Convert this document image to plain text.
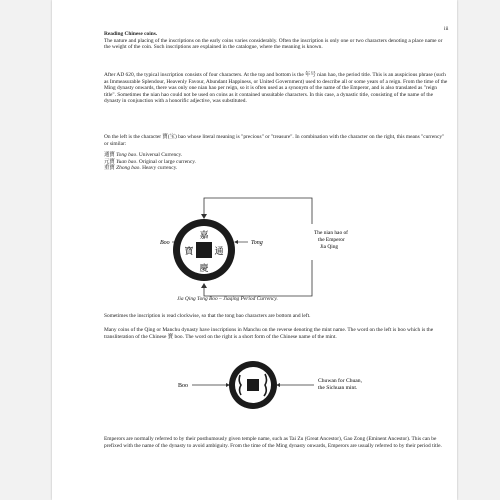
iii

Reading Chinese coins.

The nature and placing of the inscriptions on the early coins varies considerably. Often the inscription is only one or two characters denoting a place name or the weight of the coin. Such inscriptions are explained in the catalogue, where the meaning is known.

After AD 620, the typical inscription consists of four characters. At the top and bottom is the 年号 nian hao, the period title. This is an auspicious phrase (such as Immeasurable Splendour, Heavenly Favour, Abundant Happiness, or United Government) used to describe all or some years of a reign. From the time of the Ming dynasty onwards, there was only one nian hao per reign, so it is often used as a synonym of the name of the Emperor, and is also translated as "reign title". Sometimes the nian hao could not be used on coins as it contained unsuitable characters. In this case, a dynastic title, consisting of the name of the dynasty in conjunction with a honorific adjective, was substituted.
On the left is the character 寶(宝) bao whose literal meaning is "precious" or "treasure". In combination with the character on the right, this means "currency" or similar:
通寶 Tong bao. Universal Currency.
元寶 Yuan bao. Original or large currency.
重寶 Zhong bao. Heavy currency.
Boo
嘉
慶
寶 通
Tong
The nian hao of
the Emperor
Jia Qing
Jia Qing Tong Boo – Jiaqing Period Currency.
Sometimes the inscription is read clockwise, so that the tong bao characters are bottom and left.
Many coins of the Qing or Manchu dynasty have inscriptions in Manchu on the reverse denoting the mint name. The word on the left is boo which is the transliteration of the Chinese 寶 boo. The word on the right is a short form of the Chinese name of the mint.
Boo
Chuwan for Chuan,
the Sichuan mint.
Emperors are normally referred to by their posthumously given temple name, such as Tai Zu (Great Ancestor), Gao Zong (Eminent Ancestor). This can be prefixed with the name of the dynasty to avoid ambiguity. From the time of the Ming dynasty onwards, Emperors are usually referred to by their period title.
